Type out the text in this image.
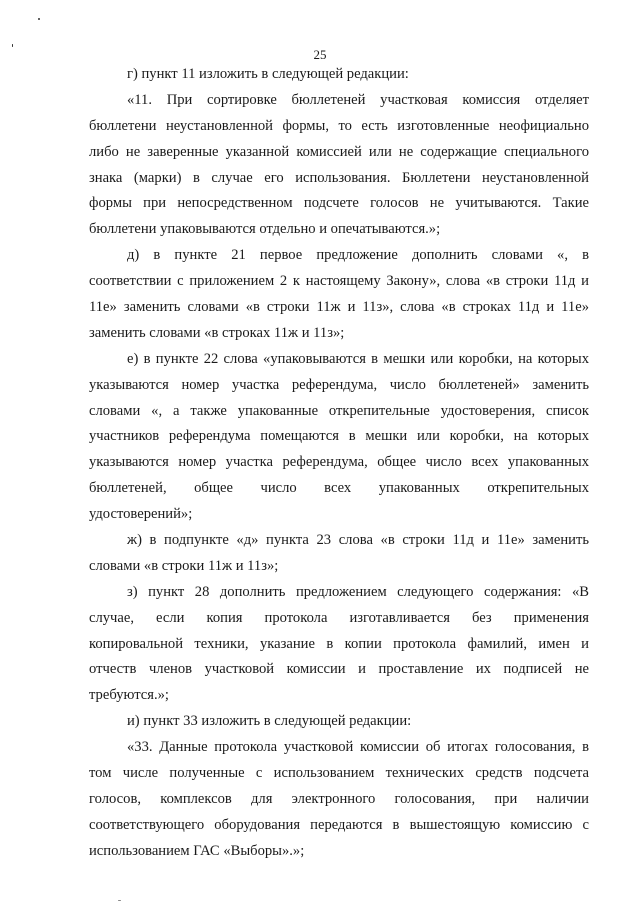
25
г) пункт 11 изложить в следующей редакции:
«11. При сортировке бюллетеней участковая комиссия отделяет
бюллетени неустановленной формы, то есть изготовленные неофициально
либо не заверенные указанной комиссией или не содержащие специального
знака (марки) в случае его использования. Бюллетени неустановленной
формы при непосредственном подсчете голосов не учитываются. Такие
бюллетени упаковываются отдельно и опечатываются.»;
д) в пункте 21 первое предложение дополнить словами «, в
соответствии с приложением 2 к настоящему Закону», слова «в строки 11д и
11е» заменить словами «в строки 11ж и 11з», слова «в строках 11д и 11е»
заменить словами «в строках 11ж и 11з»;
е) в пункте 22 слова «упаковываются в мешки или коробки, на которых
указываются номер участка референдума, число бюллетеней» заменить
словами «, а также упакованные открепительные удостоверения, список
участников референдума помещаются в мешки или коробки, на которых
указываются номер участка референдума, общее число всех упакованных
бюллетеней, общее число всех упакованных открепительных
удостоверений»;
ж) в подпункте «д» пункта 23 слова «в строки 11д и 11е» заменить
словами «в строки 11ж и 11з»;
з) пункт 28 дополнить предложением следующего содержания: «В
случае, если копия протокола изготавливается без применения
копировальной техники, указание в копии протокола фамилий, имен и
отчеств членов участковой комиссии и проставление их подписей не
требуются.»;
и) пункт 33 изложить в следующей редакции:
«33. Данные протокола участковой комиссии об итогах голосования, в
том числе полученные с использованием технических средств подсчета
голосов, комплексов для электронного голосования, при наличии
соответствующего оборудования передаются в вышестоящую комиссию с
использованием ГАС «Выборы».»;
